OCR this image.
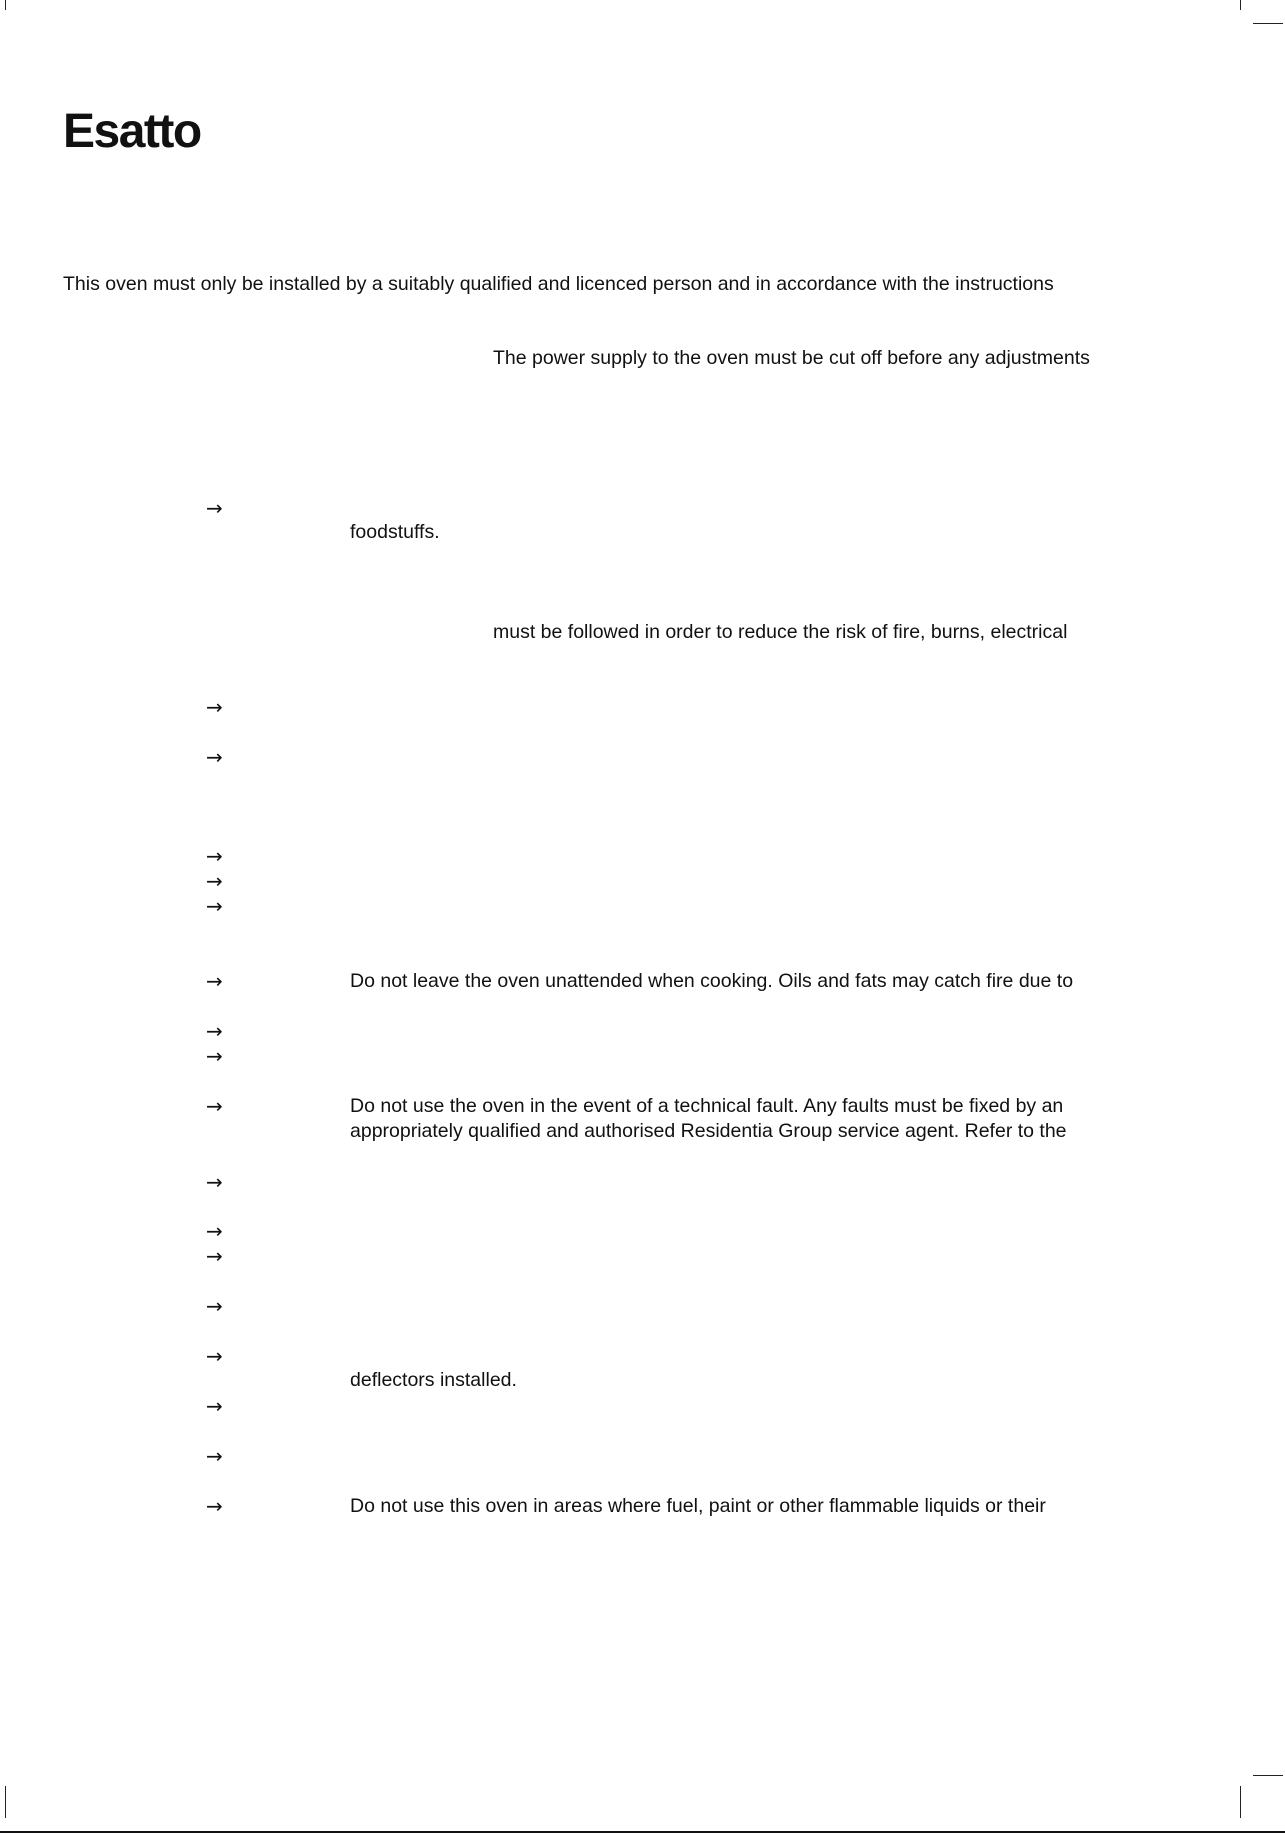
Esatto
This oven must only be installed by a suitably qualified and licenced person and in accordance with the instructions
The power supply to the oven must be cut off before any adjustments
→
foodstuffs.
must be followed in order to reduce the risk of fire, burns, electrical
→
→
→
→
→
→	Do not leave the oven unattended when cooking. Oils and fats may catch fire due to
→
→
→	Do not use the oven in the event of a technical fault. Any faults must be fixed by an
appropriately qualified and authorised Residentia Group service agent. Refer to the
→
→
→
→
→
deflectors installed.
→
→
→	Do not use this oven in areas where fuel, paint or other flammable liquids or their
